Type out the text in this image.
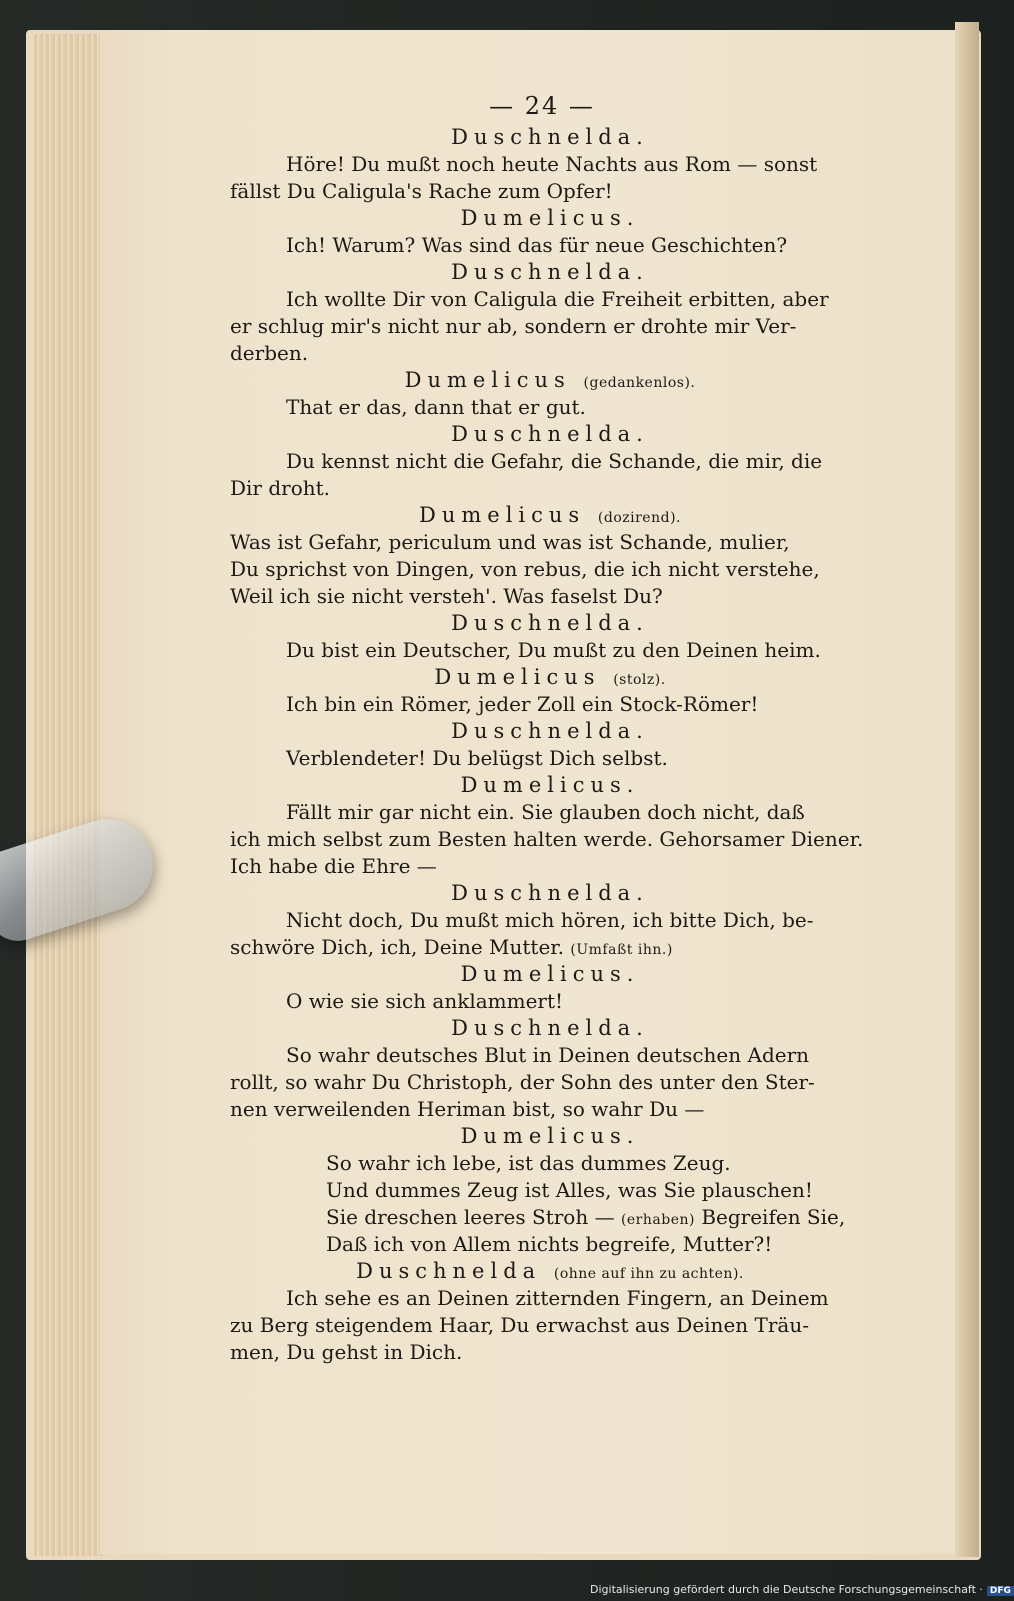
— 24 —
Duschnelda.
Höre! Du mußt noch heute Nachts aus Rom — sonst
fällst Du Caligula's Rache zum Opfer!
Dumelicus.
Ich! Warum? Was sind das für neue Geschichten?
Duschnelda.
Ich wollte Dir von Caligula die Freiheit erbitten, aber
er schlug mir's nicht nur ab, sondern er drohte mir Ver-
derben.
Dumelicus (gedankenlos).
That er das, dann that er gut.
Duschnelda.
Du kennst nicht die Gefahr, die Schande, die mir, die
Dir droht.
Dumelicus (dozirend).
Was ist Gefahr, periculum und was ist Schande, mulier,
Du sprichst von Dingen, von rebus, die ich nicht verstehe,
Weil ich sie nicht versteh'. Was faselst Du?
Duschnelda.
Du bist ein Deutscher, Du mußt zu den Deinen heim.
Dumelicus (stolz).
Ich bin ein Römer, jeder Zoll ein Stock-Römer!
Duschnelda.
Verblendeter! Du belügst Dich selbst.
Dumelicus.
Fällt mir gar nicht ein. Sie glauben doch nicht, daß
ich mich selbst zum Besten halten werde. Gehorsamer Diener.
Ich habe die Ehre —
Duschnelda.
Nicht doch, Du mußt mich hören, ich bitte Dich, be-
schwöre Dich, ich, Deine Mutter. (Umfaßt ihn.)
Dumelicus.
O wie sie sich anklammert!
Duschnelda.
So wahr deutsches Blut in Deinen deutschen Adern
rollt, so wahr Du Christoph, der Sohn des unter den Ster-
nen verweilenden Heriman bist, so wahr Du —
Dumelicus.
So wahr ich lebe, ist das dummes Zeug.
Und dummes Zeug ist Alles, was Sie plauschen!
Sie dreschen leeres Stroh — (erhaben) Begreifen Sie,
Daß ich von Allem nichts begreife, Mutter?!
Duschnelda (ohne auf ihn zu achten).
Ich sehe es an Deinen zitternden Fingern, an Deinem
zu Berg steigendem Haar, Du erwachst aus Deinen Träu-
men, Du gehst in Dich.
Digitalisierung gefördert durch die Deutsche Forschungsgemeinschaft · DFG
